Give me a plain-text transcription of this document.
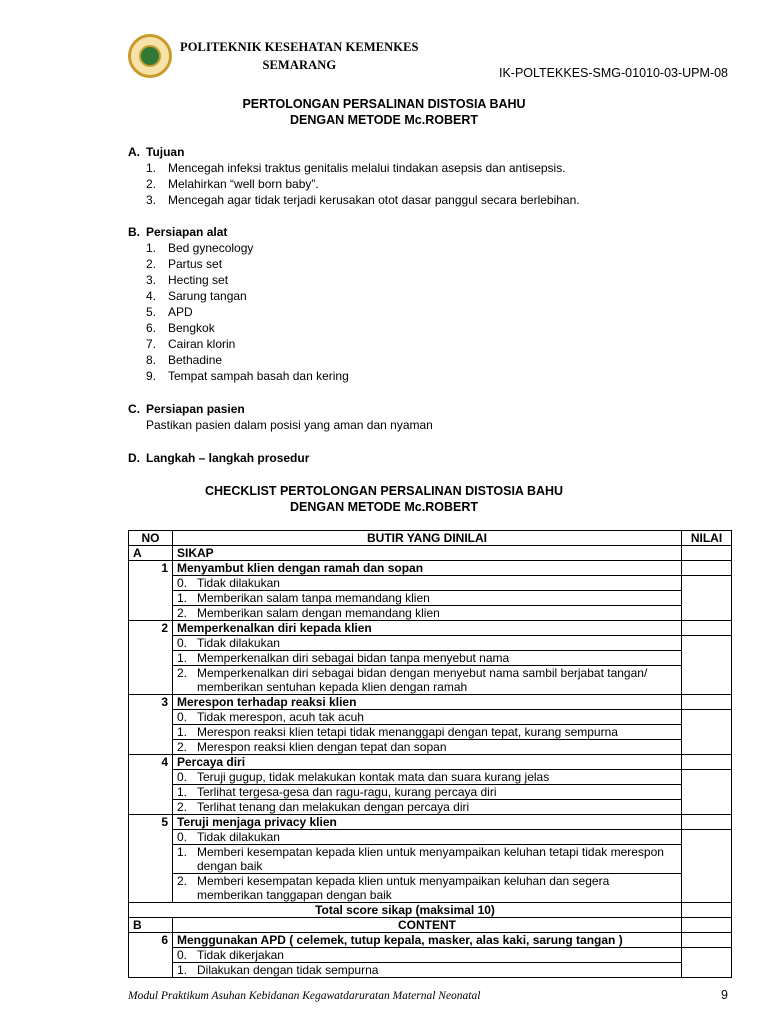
POLITEKNIK KESEHATAN KEMENKES
SEMARANG
IK-POLTEKKES-SMG-01010-03-UPM-08
PERTOLONGAN PERSALINAN DISTOSIA BAHU
DENGAN METODE Mc.ROBERT
A. Tujuan
1. Mencegah infeksi traktus genitalis melalui tindakan asepsis dan antisepsis.
2. Melahirkan “well born baby”.
3. Mencegah agar tidak terjadi kerusakan otot dasar panggul secara berlebihan.
B. Persiapan alat
1. Bed gynecology
2. Partus set
3. Hecting set
4. Sarung tangan
5. APD
6. Bengkok
7. Cairan klorin
8. Bethadine
9. Tempat sampah basah dan kering
C. Persiapan pasien
Pastikan pasien dalam posisi yang aman dan nyaman
D. Langkah – langkah prosedur
CHECKLIST PERTOLONGAN PERSALINAN DISTOSIA BAHU
DENGAN METODE Mc.ROBERT
NO	BUTIR YANG DINILAI	NILAI
A	SIKAP	
1	Menyambut klien dengan ramah dan sopan	

	0. Tidak dilakukan	

	1. Memberikan salam tanpa memandang klien	

	2. Memberikan salam dengan memandang klien	

2	Memperkenalkan diri kepada klien	

	0. Tidak dilakukan	

	1. Memperkenalkan diri sebagai bidan tanpa menyebut nama	

	2. Memperkenalkan diri sebagai bidan dengan menyebut nama sambil berjabat tangan/ memberikan sentuhan kepada klien dengan ramah	

3	Merespon terhadap reaksi klien	

	0. Tidak merespon, acuh tak acuh	

	1. Merespon reaksi klien tetapi tidak menanggapi dengan tepat, kurang sempurna	

	2. Merespon reaksi klien dengan tepat dan sopan	

4	Percaya diri	

	0. Teruji gugup, tidak melakukan kontak mata dan suara kurang jelas	

	1. Terlihat tergesa-gesa dan ragu-ragu, kurang percaya diri	

	2. Terlihat tenang dan melakukan dengan percaya diri	

5	Teruji menjaga privacy klien	

	0. Tidak dilakukan	

	1. Memberi kesempatan kepada klien untuk menyampaikan keluhan tetapi tidak merespon dengan baik	

	2. Memberi kesempatan kepada klien untuk menyampaikan keluhan dan segera memberikan tanggapan dengan baik	

Total score sikap (maksimal 10)		
B	CONTENT	
6	Menggunakan APD ( celemek, tutup kepala, masker, alas kaki, sarung tangan )	

	0. Tidak dikerjakan	

	1. Dilakukan dengan tidak sempurna	
Modul Praktikum Asuhan Kebidanan Kegawatdaruratan Maternal Neonatal	9
